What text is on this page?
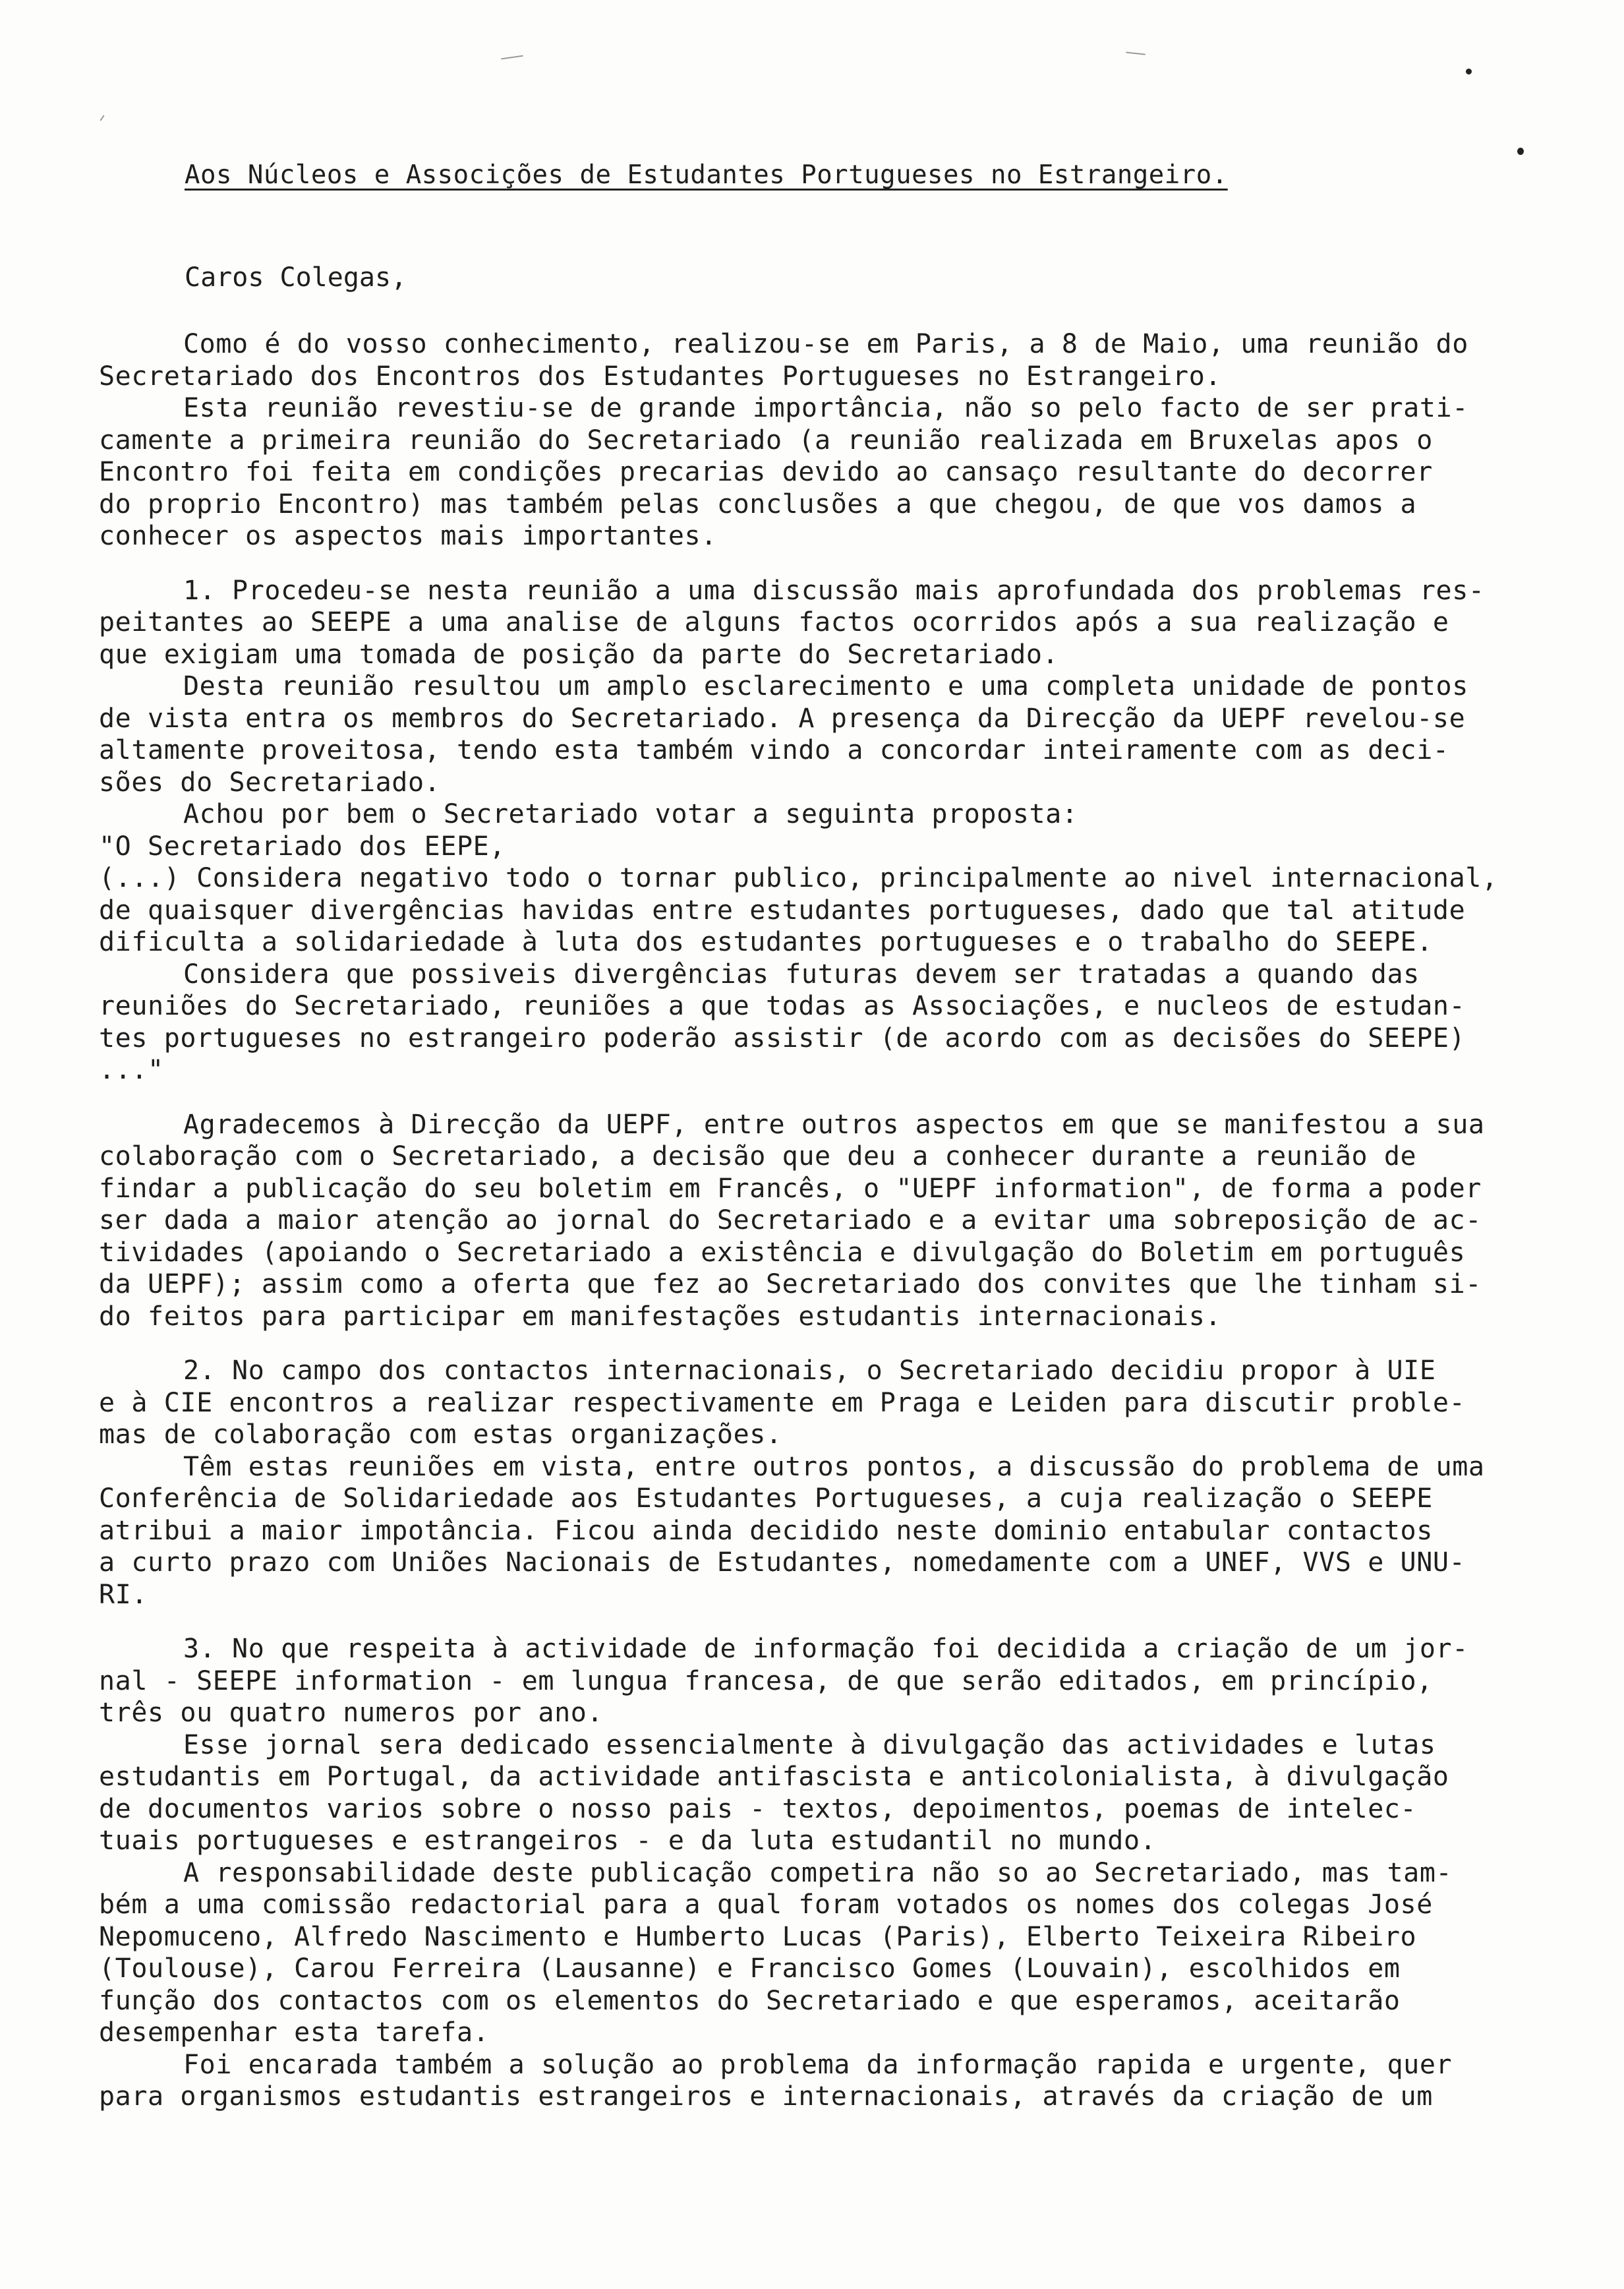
Aos Núcleos e Associções de Estudantes Portugueses no Estrangeiro.
Caros Colegas,
Como é do vosso conhecimento, realizou-se em Paris, a 8 de Maio, uma reunião do
Secretariado dos Encontros dos Estudantes Portugueses no Estrangeiro.
Esta reunião revestiu-se de grande importância, não so pelo facto de ser prati-
camente a primeira reunião do Secretariado (a reunião realizada em Bruxelas apos o
Encontro foi feita em condições precarias devido ao cansaço resultante do decorrer
do proprio Encontro) mas também pelas conclusões a que chegou, de que vos damos a
conhecer os aspectos mais importantes.
1. Procedeu-se nesta reunião a uma discussão mais aprofundada dos problemas res-
peitantes ao SEEPE a uma analise de alguns factos ocorridos após a sua realização e
que exigiam uma tomada de posição da parte do Secretariado.
Desta reunião resultou um amplo esclarecimento e uma completa unidade de pontos
de vista entra os membros do Secretariado. A presença da Direcção da UEPF revelou-se
altamente proveitosa, tendo esta também vindo a concordar inteiramente com as deci-
sões do Secretariado.
Achou por bem o Secretariado votar a seguinta proposta:
"O Secretariado dos EEPE,
(...) Considera negativo todo o tornar publico, principalmente ao nivel internacional,
de quaisquer divergências havidas entre estudantes portugueses, dado que tal atitude
dificulta a solidariedade à luta dos estudantes portugueses e o trabalho do SEEPE.
Considera que possiveis divergências futuras devem ser tratadas a quando das
reuniões do Secretariado, reuniões a que todas as Associações, e nucleos de estudan-
tes portugueses no estrangeiro poderão assistir (de acordo com as decisões do SEEPE)
..."
Agradecemos à Direcção da UEPF, entre outros aspectos em que se manifestou a sua
colaboração com o Secretariado, a decisão que deu a conhecer durante a reunião de
findar a publicação do seu boletim em Francês, o "UEPF information", de forma a poder
ser dada a maior atenção ao jornal do Secretariado e a evitar uma sobreposição de ac-
tividades (apoiando o Secretariado a existência e divulgação do Boletim em português
da UEPF); assim como a oferta que fez ao Secretariado dos convites que lhe tinham si-
do feitos para participar em manifestações estudantis internacionais.
2. No campo dos contactos internacionais, o Secretariado decidiu propor à UIE
e à CIE encontros a realizar respectivamente em Praga e Leiden para discutir proble-
mas de colaboração com estas organizações.
Têm estas reuniões em vista, entre outros pontos, a discussão do problema de uma
Conferência de Solidariedade aos Estudantes Portugueses, a cuja realização o SEEPE
atribui a maior impotância. Ficou ainda decidido neste dominio entabular contactos
a curto prazo com Uniões Nacionais de Estudantes, nomedamente com a UNEF, VVS e UNU-
RI.
3. No que respeita à actividade de informação foi decidida a criação de um jor-
nal - SEEPE information - em lungua francesa, de que serão editados, em princípio,
três ou quatro numeros por ano.
Esse jornal sera dedicado essencialmente à divulgação das actividades e lutas
estudantis em Portugal, da actividade antifascista e anticolonialista, à divulgação
de documentos varios sobre o nosso pais - textos, depoimentos, poemas de intelec-
tuais portugueses e estrangeiros - e da luta estudantil no mundo.
A responsabilidade deste publicação competira não so ao Secretariado, mas tam-
bém a uma comissão redactorial para a qual foram votados os nomes dos colegas José
Nepomuceno, Alfredo Nascimento e Humberto Lucas (Paris), Elberto Teixeira Ribeiro
(Toulouse), Carou Ferreira (Lausanne) e Francisco Gomes (Louvain), escolhidos em
função dos contactos com os elementos do Secretariado e que esperamos, aceitarão
desempenhar esta tarefa.
Foi encarada também a solução ao problema da informação rapida e urgente, quer
para organismos estudantis estrangeiros e internacionais, através da criação de um
